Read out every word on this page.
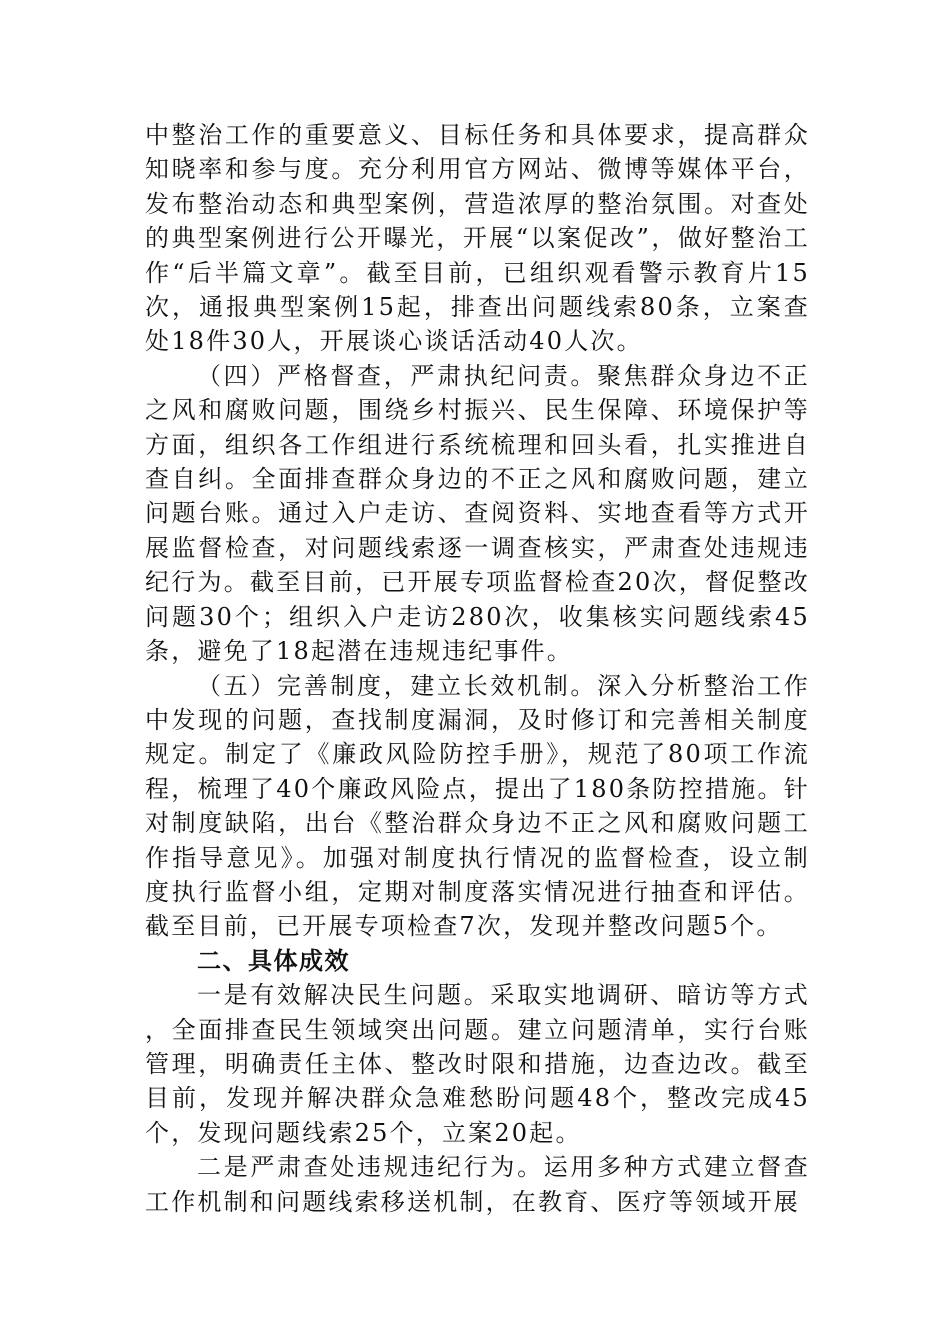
中整治工作的重要意义、目标任务和具体要求，提高群众知晓率和参与度。充分利用官方网站、微博等媒体平台，发布整治动态和典型案例，营造浓厚的整治氛围。对查处的典型案例进行公开曝光，开展“以案促改”，做好整治工作“后半篇文章”。截至目前，已组织观看警示教育片15次，通报典型案例15起，排查出问题线索80条，立案查处18件30人，开展谈心谈话活动40人次。

（四）严格督查，严肃执纪问责。聚焦群众身边不正之风和腐败问题，围绕乡村振兴、民生保障、环境保护等方面，组织各工作组进行系统梳理和回头看，扎实推进自查自纠。全面排查群众身边的不正之风和腐败问题，建立问题台账。通过入户走访、查阅资料、实地查看等方式开展监督检查，对问题线索逐一调查核实，严肃查处违规违纪行为。截至目前，已开展专项监督检查20次，督促整改问题30个；组织入户走访280次，收集核实问题线索45条，避免了18起潜在违规违纪事件。

（五）完善制度，建立长效机制。深入分析整治工作中发现的问题，查找制度漏洞，及时修订和完善相关制度规定。制定了《廉政风险防控手册》，规范了80项工作流程，梳理了40个廉政风险点，提出了180条防控措施。针对制度缺陷，出台《整治群众身边不正之风和腐败问题工作指导意见》。加强对制度执行情况的监督检查，设立制度执行监督小组，定期对制度落实情况进行抽查和评估。截至目前，已开展专项检查7次，发现并整改问题5个。

二、具体成效

一是有效解决民生问题。采取实地调研、暗访等方式，全面排查民生领域突出问题。建立问题清单，实行台账管理，明确责任主体、整改时限和措施，边查边改。截至目前，发现并解决群众急难愁盼问题48个，整改完成45个，发现问题线索25个，立案20起。

二是严肃查处违规违纪行为。运用多种方式建立督查工作机制和问题线索移送机制，在教育、医疗等领域开展
